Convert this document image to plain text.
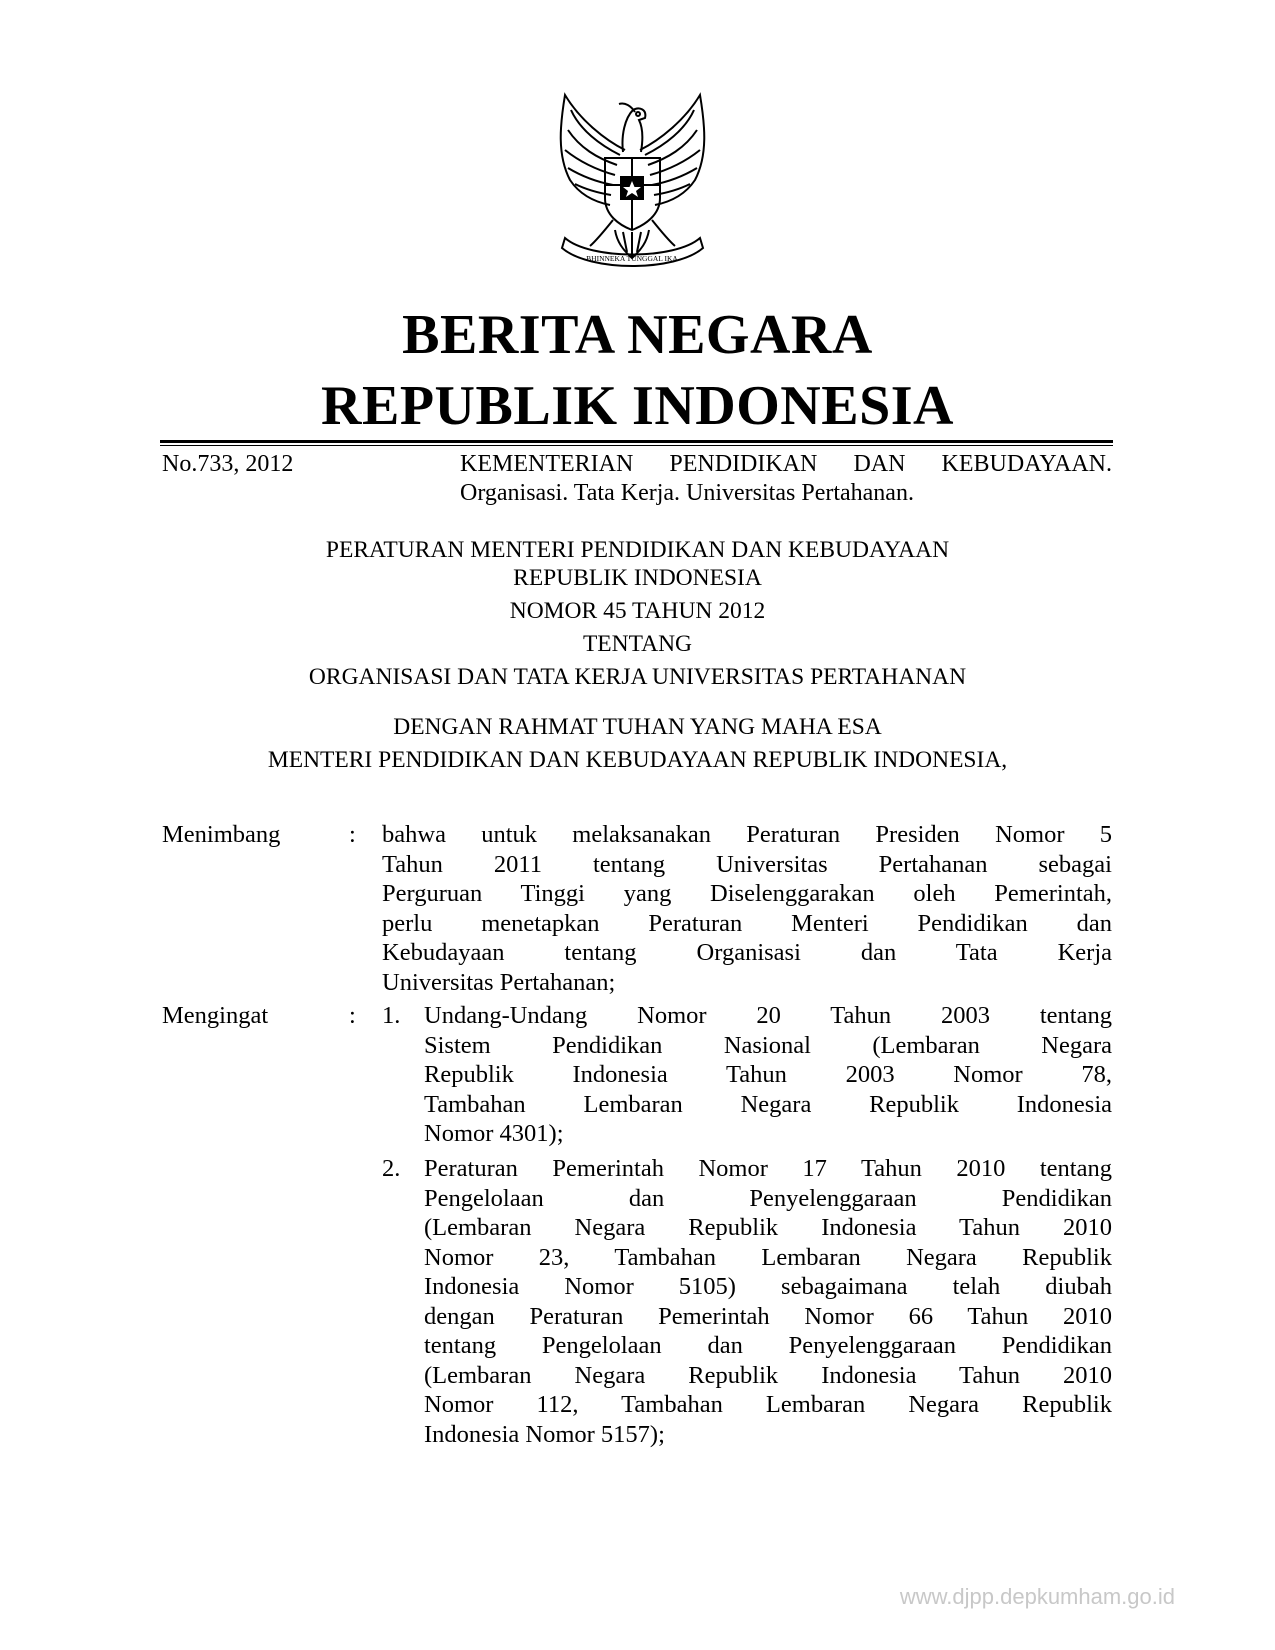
BHINNEKA TUNGGAL IKA
BERITA NEGARA
REPUBLIK INDONESIA
No.733, 2012	KEMENTERIAN PENDIDIKAN DAN KEBUDAYAAN.
Organisasi. Tata Kerja. Universitas Pertahanan.
PERATURAN MENTERI PENDIDIKAN DAN KEBUDAYAAN
REPUBLIK INDONESIA
NOMOR 45 TAHUN 2012
TENTANG
ORGANISASI DAN TATA KERJA UNIVERSITAS PERTAHANAN
DENGAN RAHMAT TUHAN YANG MAHA ESA
MENTERI PENDIDIKAN DAN KEBUDAYAAN REPUBLIK INDONESIA,
Menimbang	: bahwa untuk melaksanakan Peraturan Presiden Nomor 5
Tahun 2011 tentang Universitas Pertahanan sebagai
Perguruan Tinggi yang Diselenggarakan oleh Pemerintah,
perlu menetapkan Peraturan Menteri Pendidikan dan
Kebudayaan tentang Organisasi dan Tata Kerja
Universitas Pertahanan;
Mengingat	: 1. Undang-Undang Nomor 20 Tahun 2003 tentang
Sistem Pendidikan Nasional (Lembaran Negara
Republik Indonesia Tahun 2003 Nomor 78,
Tambahan Lembaran Negara Republik Indonesia
Nomor 4301);
2. Peraturan Pemerintah Nomor 17 Tahun 2010 tentang
Pengelolaan dan Penyelenggaraan Pendidikan
(Lembaran Negara Republik Indonesia Tahun 2010
Nomor 23, Tambahan Lembaran Negara Republik
Indonesia Nomor 5105) sebagaimana telah diubah
dengan Peraturan Pemerintah Nomor 66 Tahun 2010
tentang Pengelolaan dan Penyelenggaraan Pendidikan
(Lembaran Negara Republik Indonesia Tahun 2010
Nomor 112, Tambahan Lembaran Negara Republik
Indonesia Nomor 5157);
www.djpp.depkumham.go.id
